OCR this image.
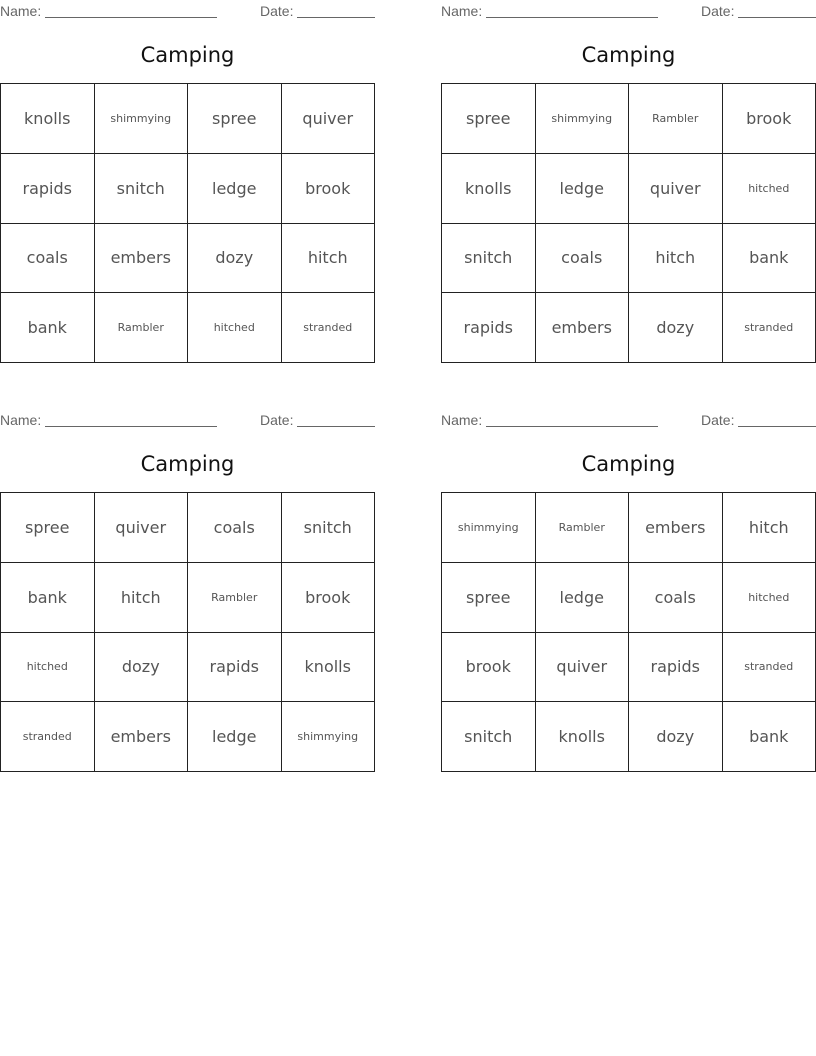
Name:	Date:
Camping
knolls	shimmying	spree	quiver
rapids	snitch	ledge	brook
coals	embers	dozy	hitch
bank	Rambler	hitched	stranded
Name:	Date:
Camping
spree	shimmying	Rambler	brook
knolls	ledge	quiver	hitched
snitch	coals	hitch	bank
rapids	embers	dozy	stranded
Name:	Date:
Camping
spree	quiver	coals	snitch
bank	hitch	Rambler	brook
hitched	dozy	rapids	knolls
stranded	embers	ledge	shimmying
Name:	Date:
Camping
shimmying	Rambler	embers	hitch
spree	ledge	coals	hitched
brook	quiver	rapids	stranded
snitch	knolls	dozy	bank
